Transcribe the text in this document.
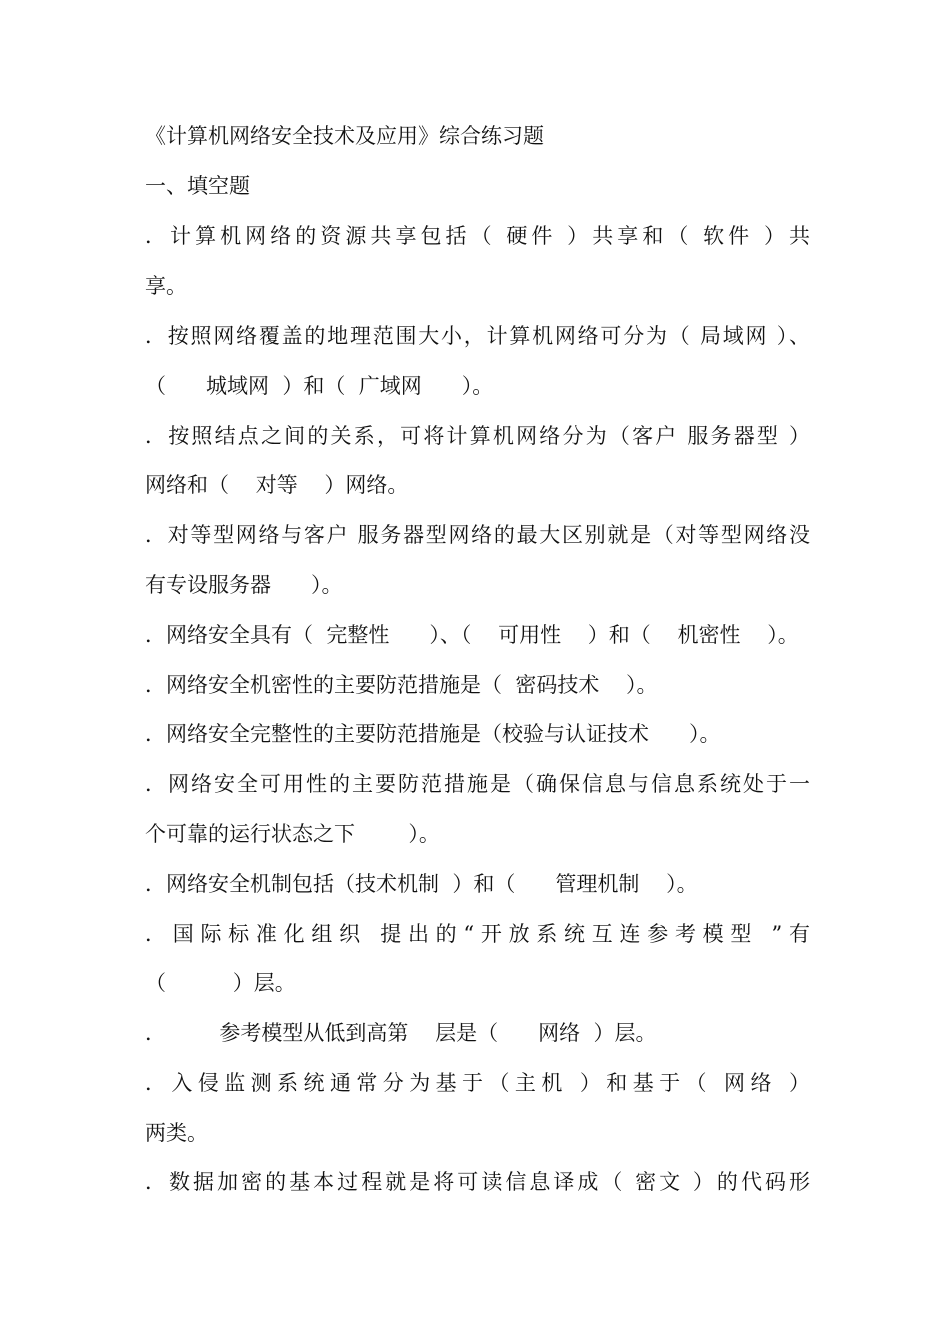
《计算机网络安全技术及应用》综合练习题
一、填空题
．计算机网络的资源共享包括（ 硬件 ）共享和（ 软件 ）共
享。
．按照网络覆盖的地理范围大小，计算机网络可分为（ 局域网 ）、
（      城域网  ）和（  广域网      ）。
．按照结点之间的关系，可将计算机网络分为（客户 服务器型 ）
网络和（    对等    ）网络。
．对等型网络与客户 服务器型网络的最大区别就是（对等型网络没
有专设服务器      ）。
．网络安全具有（  完整性      ）、（    可用性    ）和（    机密性    ）。
．网络安全机密性的主要防范措施是（  密码技术    ）。
．网络安全完整性的主要防范措施是（校验与认证技术      ）。
．网络安全可用性的主要防范措施是（确保信息与信息系统处于一
个可靠的运行状态之下        ）。
．网络安全机制包括（技术机制  ）和（      管理机制    ）。
．国际标准化组织 提出的“开放系统互连参考模型 ”有
（          ）层。
．        参考模型从低到高第    层是（      网络  ）层。
．入侵监测系统通常分为基于（主机 ）和基于（ 网络 ）
两类。
．数据加密的基本过程就是将可读信息译成（ 密文 ）的代码形
